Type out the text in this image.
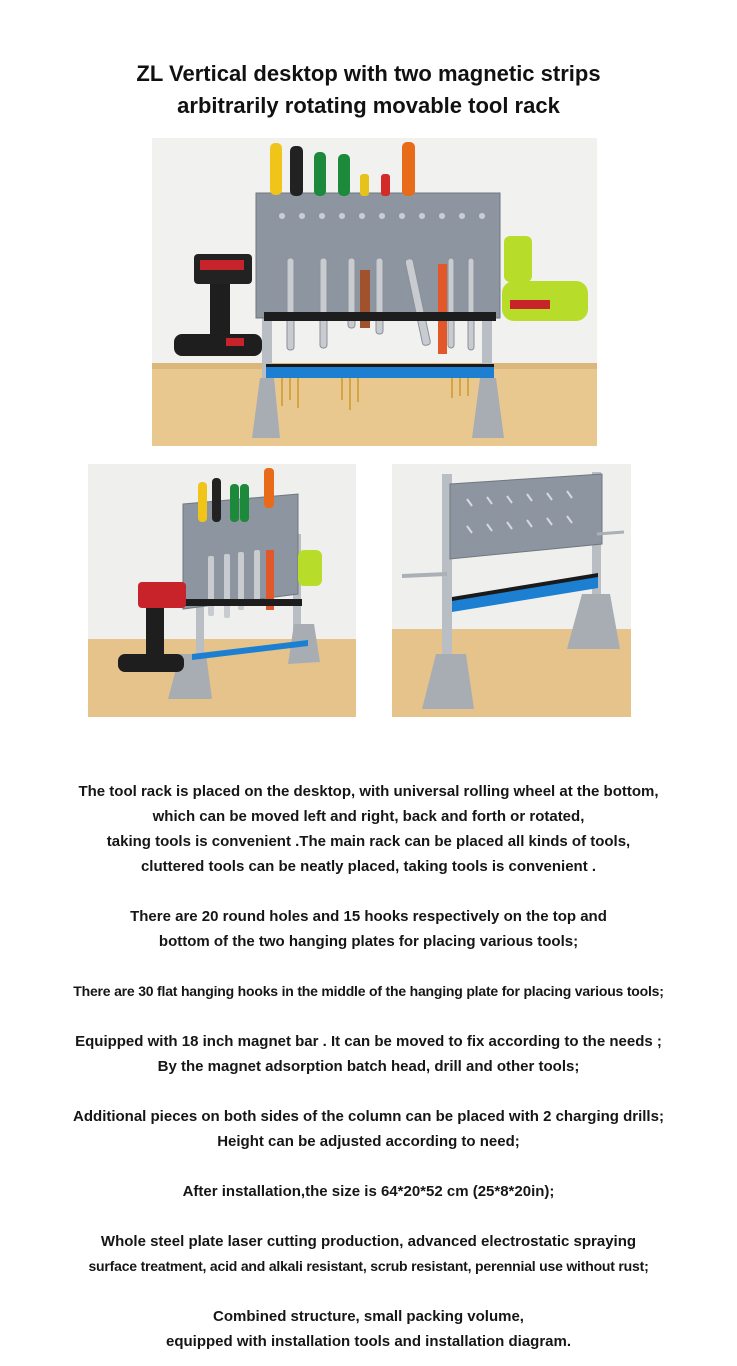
ZL Vertical desktop with two magnetic strips
arbitrarily rotating movable tool rack
The tool rack is placed on the desktop, with universal rolling wheel at the bottom,
which can be moved left and right, back and forth or rotated,
taking tools is convenient .The main rack can be placed all kinds of tools,
cluttered tools can be neatly placed, taking tools is convenient .
There are 20 round holes and 15 hooks respectively on the top and
bottom of the two hanging plates for placing various tools;
There are 30 flat hanging hooks in the middle of the hanging plate for placing various tools;
Equipped with 18 inch magnet bar . It can be moved to fix according to the needs ;
By the magnet adsorption batch head, drill and other tools;
Additional pieces on both sides of the column can be placed with 2 charging drills;
Height can be adjusted according to need;
After installation,the size is 64*20*52 cm (25*8*20in);
Whole steel plate laser cutting production, advanced electrostatic spraying
surface treatment, acid and alkali resistant, scrub resistant, perennial use without rust;
Combined structure, small packing volume,
equipped with installation tools and installation diagram.
